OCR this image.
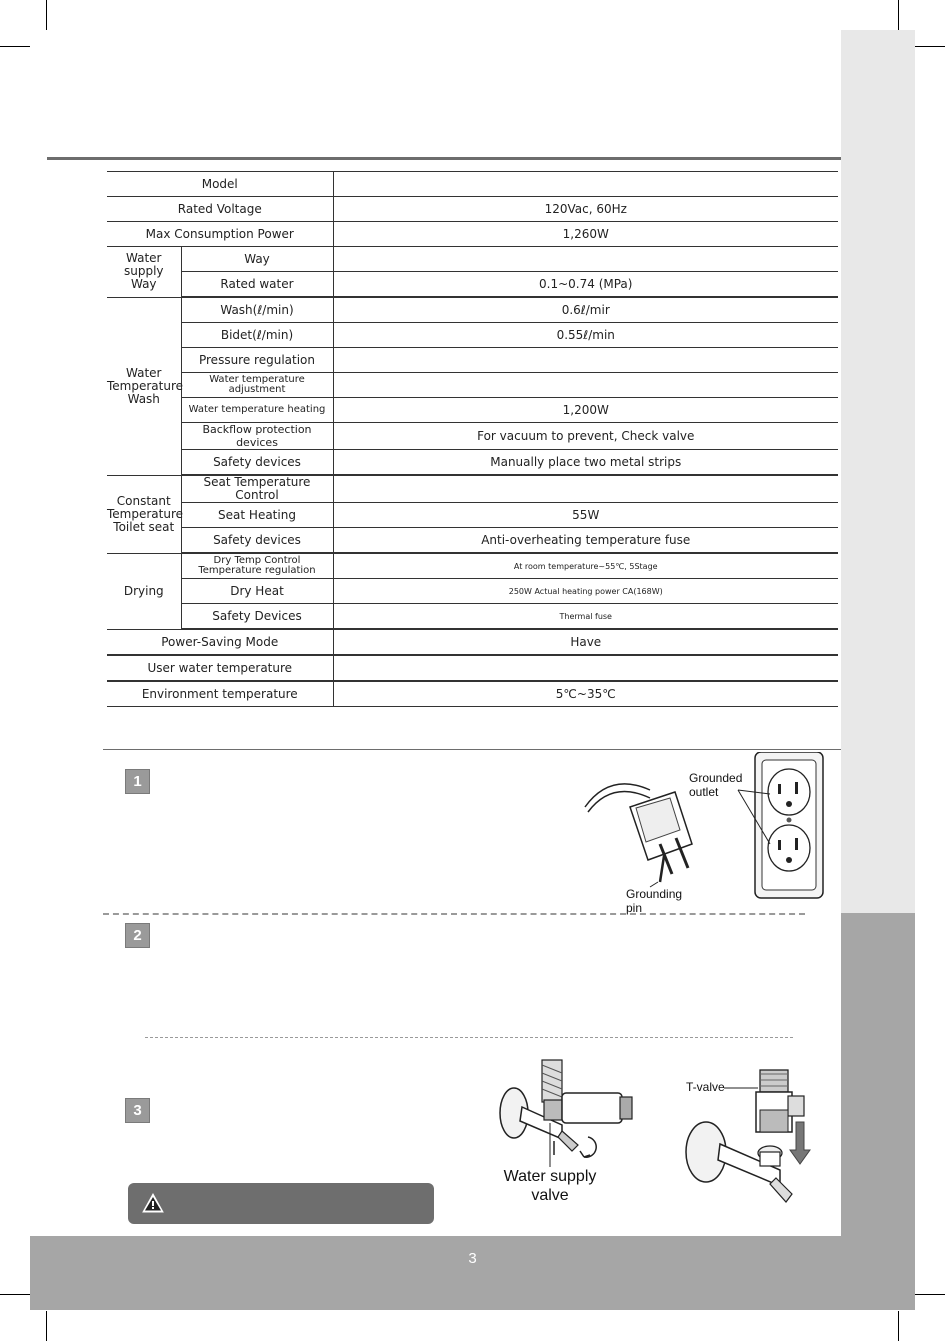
Model		
Rated Voltage		120Vac, 60Hz
Max Consumption Power		1,260W
Water supply Way	Way	
	Rated water	0.1~0.74 (MPa)
Water Temperature Wash	Wash(ℓ/min)	0.6ℓ/mir
	Bidet(ℓ/min)	0.55ℓ/min
	Pressure regulation	
	Water temperature adjustment	
	Water temperature heating	1,200W
	Backflow protection devices	For vacuum to prevent, Check valve
	Safety devices	Manually place two metal strips
Constant Temperature Toilet seat	Seat Temperature Control	
	Seat Heating	55W
	Safety devices	Anti-overheating temperature fuse
Drying	Dry Temp Control Temperature regulation	At room temperature~55℃, 5Stage
	Dry Heat	250W Actual heating power CA(168W)
	Safety Devices	Thermal fuse
Power-Saving Mode		Have
User water temperature		
Environment temperature		5℃~35℃
1	Grounded outlet
Grounding pin
2
3
Water supply valve
T-valve
3
